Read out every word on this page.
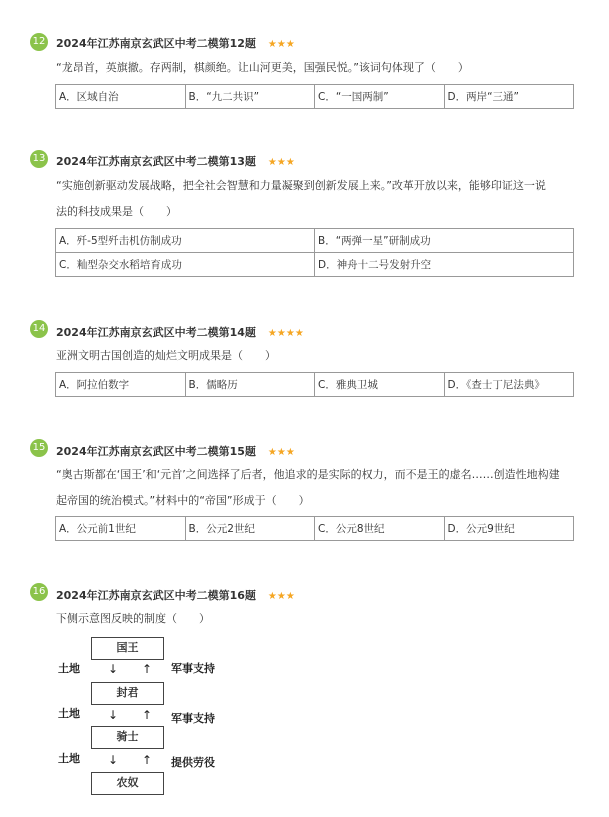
12 2024年江苏南京玄武区中考二模第12题 ★★★
“龙昂首，英旗撤。存两制，棋颜绝。让山河更美，国强民悦。”该词句体现了（　　）
A．区域自治	B．“九二共识”	C．“一国两制”	D．两岸“三通”
13 2024年江苏南京玄武区中考二模第13题 ★★★
“实施创新驱动发展战略，把全社会智慧和力量凝聚到创新发展上来。”改革开放以来，能够印证这一说
法的科技成果是（　　）
A．歼-5型歼击机仿制成功	B．“两弹一星”研制成功
C．籼型杂交水稻培育成功	D．神舟十二号发射升空
14 2024年江苏南京玄武区中考二模第14题 ★★★★
亚洲文明古国创造的灿烂文明成果是（　　）
A．阿拉伯数字	B．儒略历	C．雅典卫城	D．《查士丁尼法典》
15 2024年江苏南京玄武区中考二模第15题 ★★★
“奥古斯都在‘国王’和‘元首’之间选择了后者，他追求的是实际的权力，而不是王的虚名……创造性地构建
起帝国的统治模式。”材料中的“帝国”形成于（　　）
A．公元前1世纪	B．公元2世纪	C．公元8世纪	D．公元9世纪
16 2024年江苏南京玄武区中考二模第16题 ★★★
下侧示意图反映的制度（　　）
国王
封君
骑士
农奴
土地
土地
土地
军事支持
军事支持
提供劳役
↓ ↑
↓ ↑
↓ ↑
